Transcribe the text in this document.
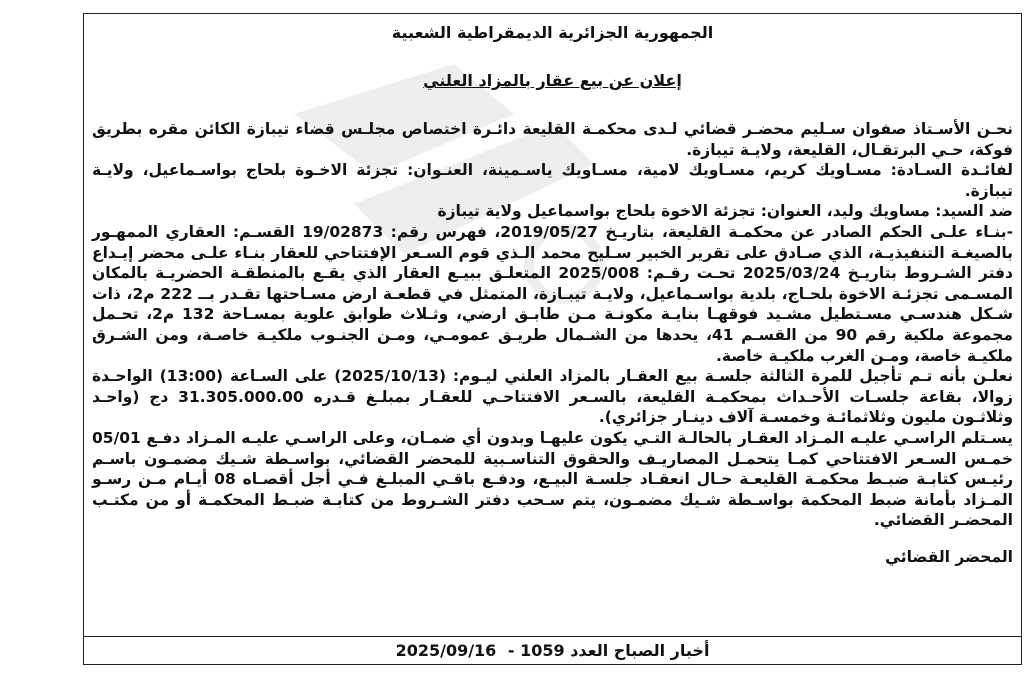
الجمهورية الجزائرية الديمقراطية الشعبية
إعلان عن بيع عقار بالمزاد العلني

نحـن الأسـتاذ صفوان سـليم محضـر قضائي لـدى محكمـة القليعة دائـرة اختصاص مجلـس قضاء تيبازة الكائن مقره بطريق فوكة، حـي البرتقـال، القليعة، ولايـة تيبازة.

لفائـدة السـادة: مسـاويك كريم، مسـاويك لامية، مسـاويك ياسـمينة، العنـوان: تجزئة الاخـوة بلحاج بواسـماعيل، ولايـة تيبازة.

ضد السيد: مساويك وليد، العنوان: تجزئة الاخوة بلحاج بواسماعيل ولاية تيبازة

-بنـاء علـى الحكم الصادر عن محكمـة القليعة، بتاريـخ 2019/05/27، فهرس رقم: 19/02873 القسـم: العقاري الممهـور بالصيغـة التنفيذيـة، الذي صـادق على تقرير الخبير سـليح محمد الـذي قوم السـعر الإفتتاحي للعقار بنـاء علـى محضر إيـداع دفتر الشـروط بتاريـخ 2025/03/24 تحـت رقـم: 2025/008 المتعلـق ببيـع العقار الذي يقـع بالمنطقـة الحضريـة بالمكان المسـمى تجزئـة الاخوة بلحـاج، بلدية بواسـماعيل، ولايـة تيبـازة، المتمثل في قطعـة ارض مسـاحتها تقـدر بــ 222 م2، ذات شـكل هندسـي مسـتطيل مشـيد فوقهـا بنايـة مكونـة مـن طابـق ارضي، وثـلاث طوابق علوية بمسـاحة 132 م2، تحـمل مجموعة ملكية رقم 90 من القسـم 41، يحدها من الشـمال طريـق عمومـي، ومـن الجنـوب ملكيـة خاصـة، ومن الشـرق ملكيـة خاصة، ومـن الغرب ملكيـة خاصة.

نعلـن بأنه تـم تأجيل للمرة الثالثة جلسـة بيع العقـار بالمزاد العلني ليـوم: (2025/10/13) على السـاعة (13:00) الواحـدة زوالا، بقاعة جلسـات الأحـداث بمحكمـة القليعة، بالسـعر الافتتاحـي للعقـار بمبلـغ قـدره 31.305.000.00 دج (واحـد وثلاثـون مليون وثلاثمائـة وخمسـة آلاف دينـار جزائري).

يسـتلم الراسـي عليـه المـزاد العقـار بالحالـة التـي يكون عليهـا وبدون أي ضمـان، وعلى الراسـي عليـه المـزاد دفـع 05/01 خمـس السـعر الافتتاحي كمـا يتحمـل المصاريـف والحقوق التناسـبية للمحضر القضائي، بواسـطة شـيك مضمـون باسـم رئيـس كتابـة ضبـط محكمـة القليعـة حـال انعقـاد جلسـة البيـع، ودفـع باقـي المبلـغ فـي أجل أقصـاه 08 أيـام مـن رسـو المـزاد بأمانة ضبط المحكمة بواسـطة شـيك مضمـون، يتم سـحب دفتر الشـروط من كتابـة ضبـط المحكمـة أو من مكتـب المحضـر القضائي.

المحضر القضائي
أخبار الصباح العدد 1059 - 2025/09/16
